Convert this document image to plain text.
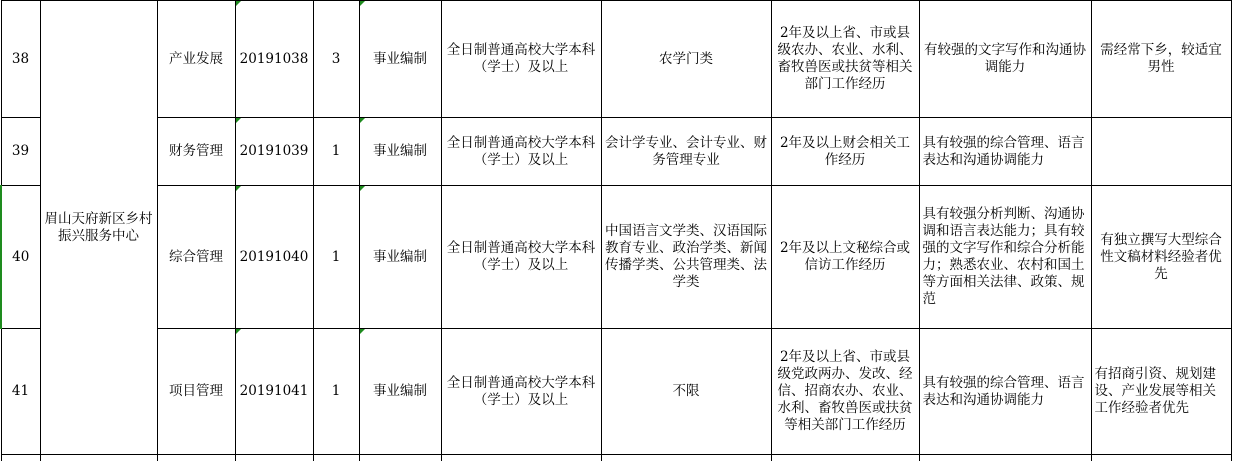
38	眉山天府新区乡村振兴服务中心	产业发展	20191038	3	事业编制	全日制普通高校大学本科（学士）及以上	农学门类	2年及以上省、市或县级农办、农业、水利、畜牧兽医或扶贫等相关部门工作经历	有较强的文字写作和沟通协调能力	需经常下乡，较适宜男性
39		财务管理	20191039	1	事业编制	全日制普通高校大学本科（学士）及以上	会计学专业、会计专业、财务管理专业	2年及以上财会相关工作经历	具有较强的综合管理、语言表达和沟通协调能力	
40		综合管理	20191040	1	事业编制	全日制普通高校大学本科（学士）及以上	中国语言文学类、汉语国际教育专业、政治学类、新闻传播学类、公共管理类、法学类	2年及以上文秘综合或信访工作经历	具有较强分析判断、沟通协调和语言表达能力；具有较强的文字写作和综合分析能力；熟悉农业、农村和国土等方面相关法律、政策、规范	有独立撰写大型综合性文稿材料经验者优先
41		项目管理	20191041	1	事业编制	全日制普通高校大学本科（学士）及以上	不限	2年及以上省、市或县级党政两办、发改、经信、招商农办、农业、水利、畜牧兽医或扶贫等相关部门工作经历	具有较强的综合管理、语言表达和沟通协调能力	有招商引资、规划建设、产业发展等相关工作经验者优先
